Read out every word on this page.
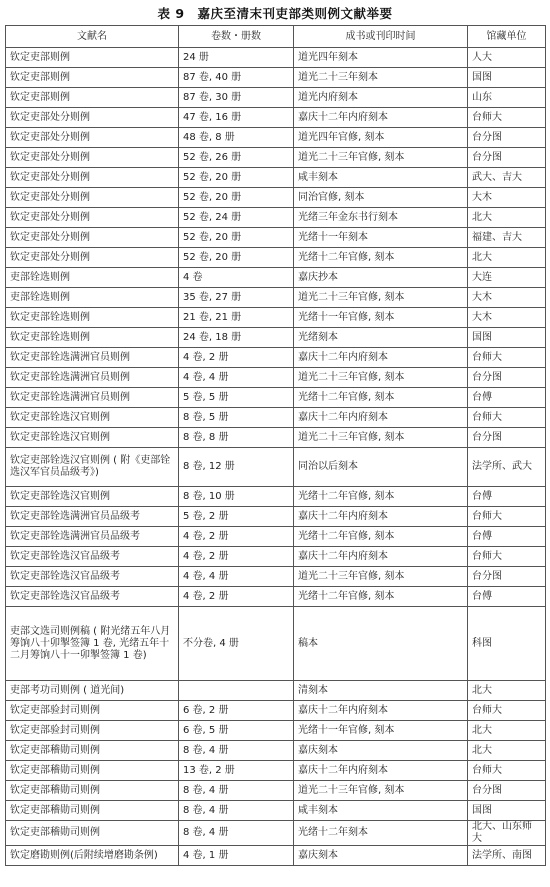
表 9　嘉庆至清末刊吏部类则例文献举要
文献名	卷数・册数	成书或刊印时间	馆藏单位
钦定吏部则例	24 册	道光四年刻本	人大
钦定吏部则例	87 卷, 40 册	道光二十三年刻本	国图
钦定吏部则例	87 卷, 30 册	道光内府刻本	山东
钦定吏部处分则例	47 卷, 16 册	嘉庆十二年内府刻本	台师大
钦定吏部处分则例	48 卷, 8 册	道光四年官修, 刻本	台分图
钦定吏部处分则例	52 卷, 26 册	道光二十三年官修, 刻本	台分图
钦定吏部处分则例	52 卷, 20 册	咸丰刻本	武大、吉大
钦定吏部处分则例	52 卷, 20 册	同治官修, 刻本	大木
钦定吏部处分则例	52 卷, 24 册	光绪三年金东书行刻本	北大
钦定吏部处分则例	52 卷, 20 册	光绪十一年刻本	福建、吉大
钦定吏部处分则例	52 卷, 20 册	光绪十二年官修, 刻本	北大
吏部铨选则例	4 卷	嘉庆抄本	大连
吏部铨选则例	35 卷, 27 册	道光二十三年官修, 刻本	大木
钦定吏部铨选则例	21 卷, 21 册	光绪十一年官修, 刻本	大木
钦定吏部铨选则例	24 卷, 18 册	光绪刻本	国图
钦定吏部铨选满洲官员则例	4 卷, 2 册	嘉庆十二年内府刻本	台师大
钦定吏部铨选满洲官员则例	4 卷, 4 册	道光二十三年官修, 刻本	台分图
钦定吏部铨选满洲官员则例	5 卷, 5 册	光绪十二年官修, 刻本	台傅
钦定吏部铨选汉官则例	8 卷, 5 册	嘉庆十二年内府刻本	台师大
钦定吏部铨选汉官则例	8 卷, 8 册	道光二十三年官修, 刻本	台分图
钦定吏部铨选汉官则例 ( 附《吏部铨选汉军官员品级考》)	8 卷, 12 册	同治以后刻本	法学所、武大
钦定吏部铨选汉官则例	8 卷, 10 册	光绪十二年官修, 刻本	台傅
钦定吏部铨选满洲官员品级考	5 卷, 2 册	嘉庆十二年内府刻本	台师大
钦定吏部铨选满洲官员品级考	4 卷, 2 册	光绪十二年官修, 刻本	台傅
钦定吏部铨选汉官品级考	4 卷, 2 册	嘉庆十二年内府刻本	台师大
钦定吏部铨选汉官品级考	4 卷, 4 册	道光二十三年官修, 刻本	台分图
钦定吏部铨选汉官品级考	4 卷, 2 册	光绪十二年官修, 刻本	台傅
吏部文选司则例稿 ( 附光绪五年八月筹饷八十卯掣签簿 1 卷, 光绪五年十二月筹饷八十一卯掣签簿 1 卷)	不分卷, 4 册	稿本	科图
吏部考功司则例 ( 道光间)		清刻本	北大
钦定吏部验封司则例	6 卷, 2 册	嘉庆十二年内府刻本	台师大
钦定吏部验封司则例	6 卷, 5 册	光绪十一年官修, 刻本	北大
钦定吏部稽勋司则例	8 卷, 4 册	嘉庆刻本	北大
钦定吏部稽勋司则例	13 卷, 2 册	嘉庆十二年内府刻本	台师大
钦定吏部稽勋司则例	8 卷, 4 册	道光二十三年官修, 刻本	台分图
钦定吏部稽勋司则例	8 卷, 4 册	咸丰刻本	国图
钦定吏部稽勋司则例	8 卷, 4 册	光绪十二年刻本	北大、山东师大
钦定磨勘则例(后附续增磨勘条例)	4 卷, 1 册	嘉庆刻本	法学所、南图
